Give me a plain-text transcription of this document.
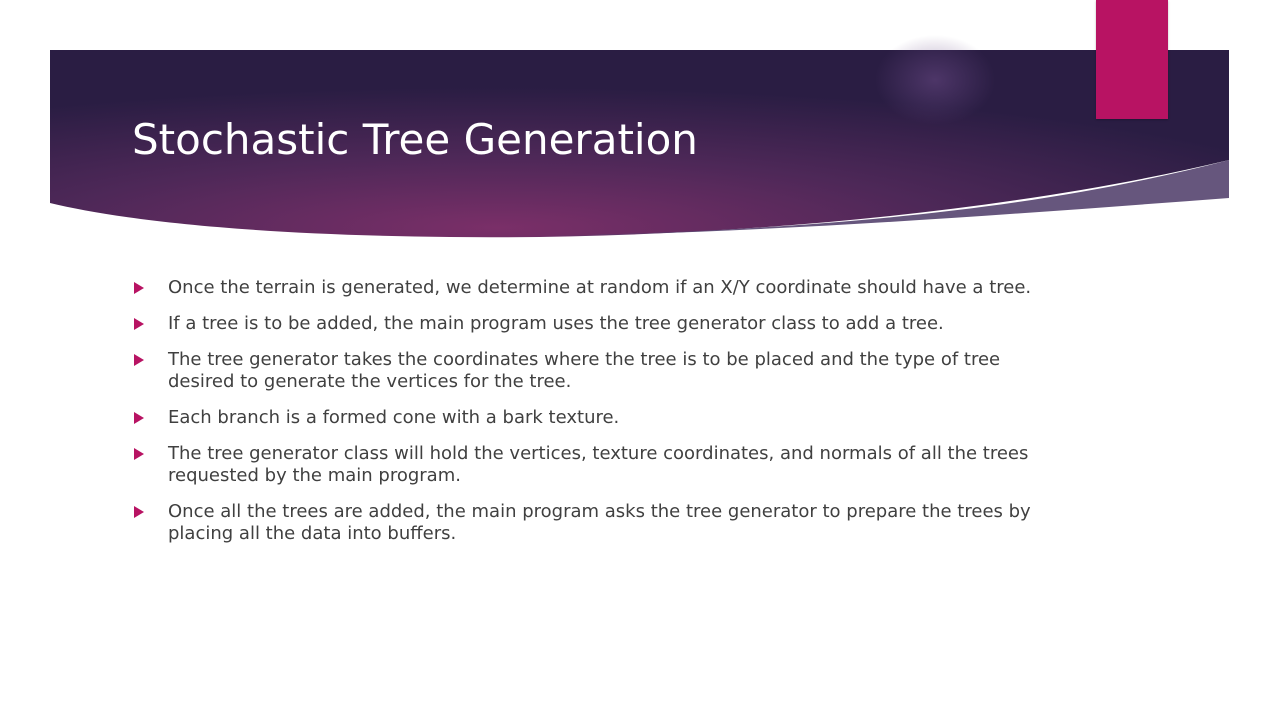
Stochastic Tree Generation
Once the terrain is generated, we determine at random if an X/Y coordinate should have a tree.
If a tree is to be added, the main program uses the tree generator class to add a tree.
The tree generator takes the coordinates where the tree is to be placed and the type of tree desired to generate the vertices for the tree.
Each branch is a formed cone with a bark texture.
The tree generator class will hold the vertices, texture coordinates, and normals of all the trees requested by the main program.
Once all the trees are added, the main program asks the tree generator to prepare the trees by placing all the data into buffers.
